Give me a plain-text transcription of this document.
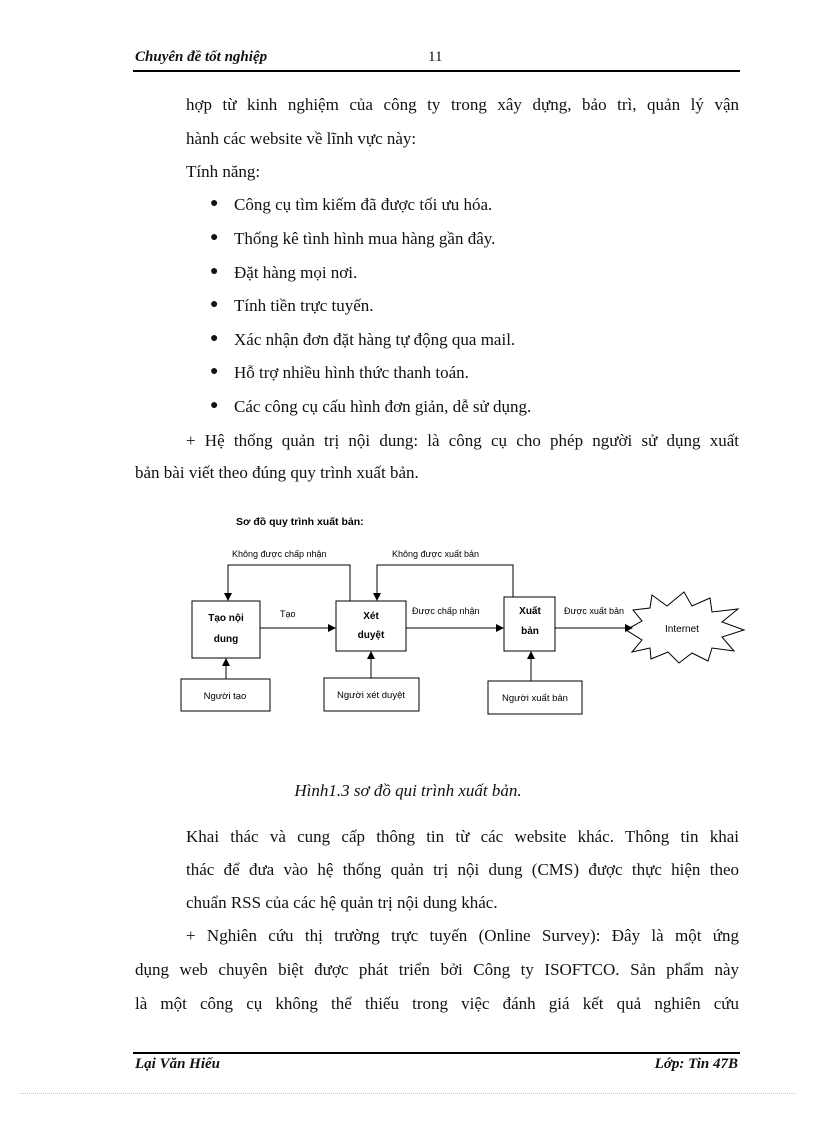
Chuyên đề tốt nghiệp	11
hợp từ kinh nghiệm của công ty trong xây dựng, bảo trì, quản lý vận
hành các website về lĩnh vực này:
Tính năng:
● Công cụ tìm kiếm đã được tối ưu hóa.
● Thống kê tình hình mua hàng gần đây.
● Đặt hàng mọi nơi.
● Tính tiền trực tuyến.
● Xác nhận đơn đặt hàng tự động qua mail.
● Hỗ trợ nhiều hình thức thanh toán.
● Các công cụ cấu hình đơn giản, dễ sử dụng.
+ Hệ thống quản trị nội dung: là công cụ cho phép người sử dụng xuất
bản bài viết theo đúng quy trình xuất bản.
Sơ đồ quy trình xuất bản:
Tạo nội
dung
Xét
duyệt
Xuất
bản	Internet
Người tạo	Người xét duyệt	Người xuất bản
Tạo	Được chấp nhận	Được xuất bản
Không được chấp nhận	Không được xuất bản
Hình1.3 sơ đồ qui trình xuất bản.
Khai thác và cung cấp thông tin từ các website khác. Thông tin khai
thác để đưa vào hệ thống quản trị nội dung (CMS) được thực hiện theo
chuẩn RSS của các hệ quản trị nội dung khác.
+ Nghiên cứu thị trường trực tuyến (Online Survey): Đây là một ứng
dụng web chuyên biệt được phát triển bởi Công ty ISOFTCO. Sản phẩm này
là một công cụ không thể thiếu trong việc đánh giá kết quả nghiên cứu
Lại Văn Hiếu	Lớp: Tin 47B
